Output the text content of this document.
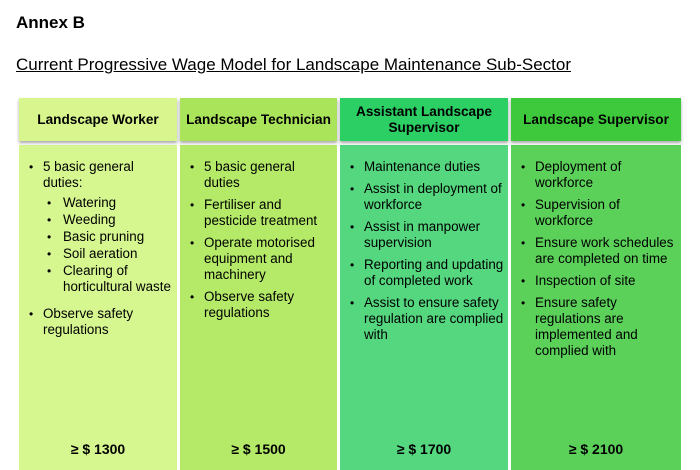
Annex B
Current Progressive Wage Model for Landscape Maintenance Sub-Sector
• 5 basic general duties:
• Watering
• Weeding
• Basic pruning
• Soil aeration
• Clearing of horticultural waste
• Observe safety regulations
≥ $ 1300
Landscape Worker
• 5 basic general duties
• Fertiliser and pesticide treatment
• Operate motorised equipment and machinery
• Observe safety regulations
≥ $ 1500
Landscape Technician
• Maintenance duties
• Assist in deployment of workforce
• Assist in manpower supervision
• Reporting and updating of completed work
• Assist to ensure safety regulation are complied with
≥ $ 1700
Assistant Landscape Supervisor
• Deployment of workforce
• Supervision of workforce
• Ensure work schedules are completed on time
• Inspection of site
• Ensure safety regulations are implemented and complied with
≥ $ 2100
Landscape Supervisor
